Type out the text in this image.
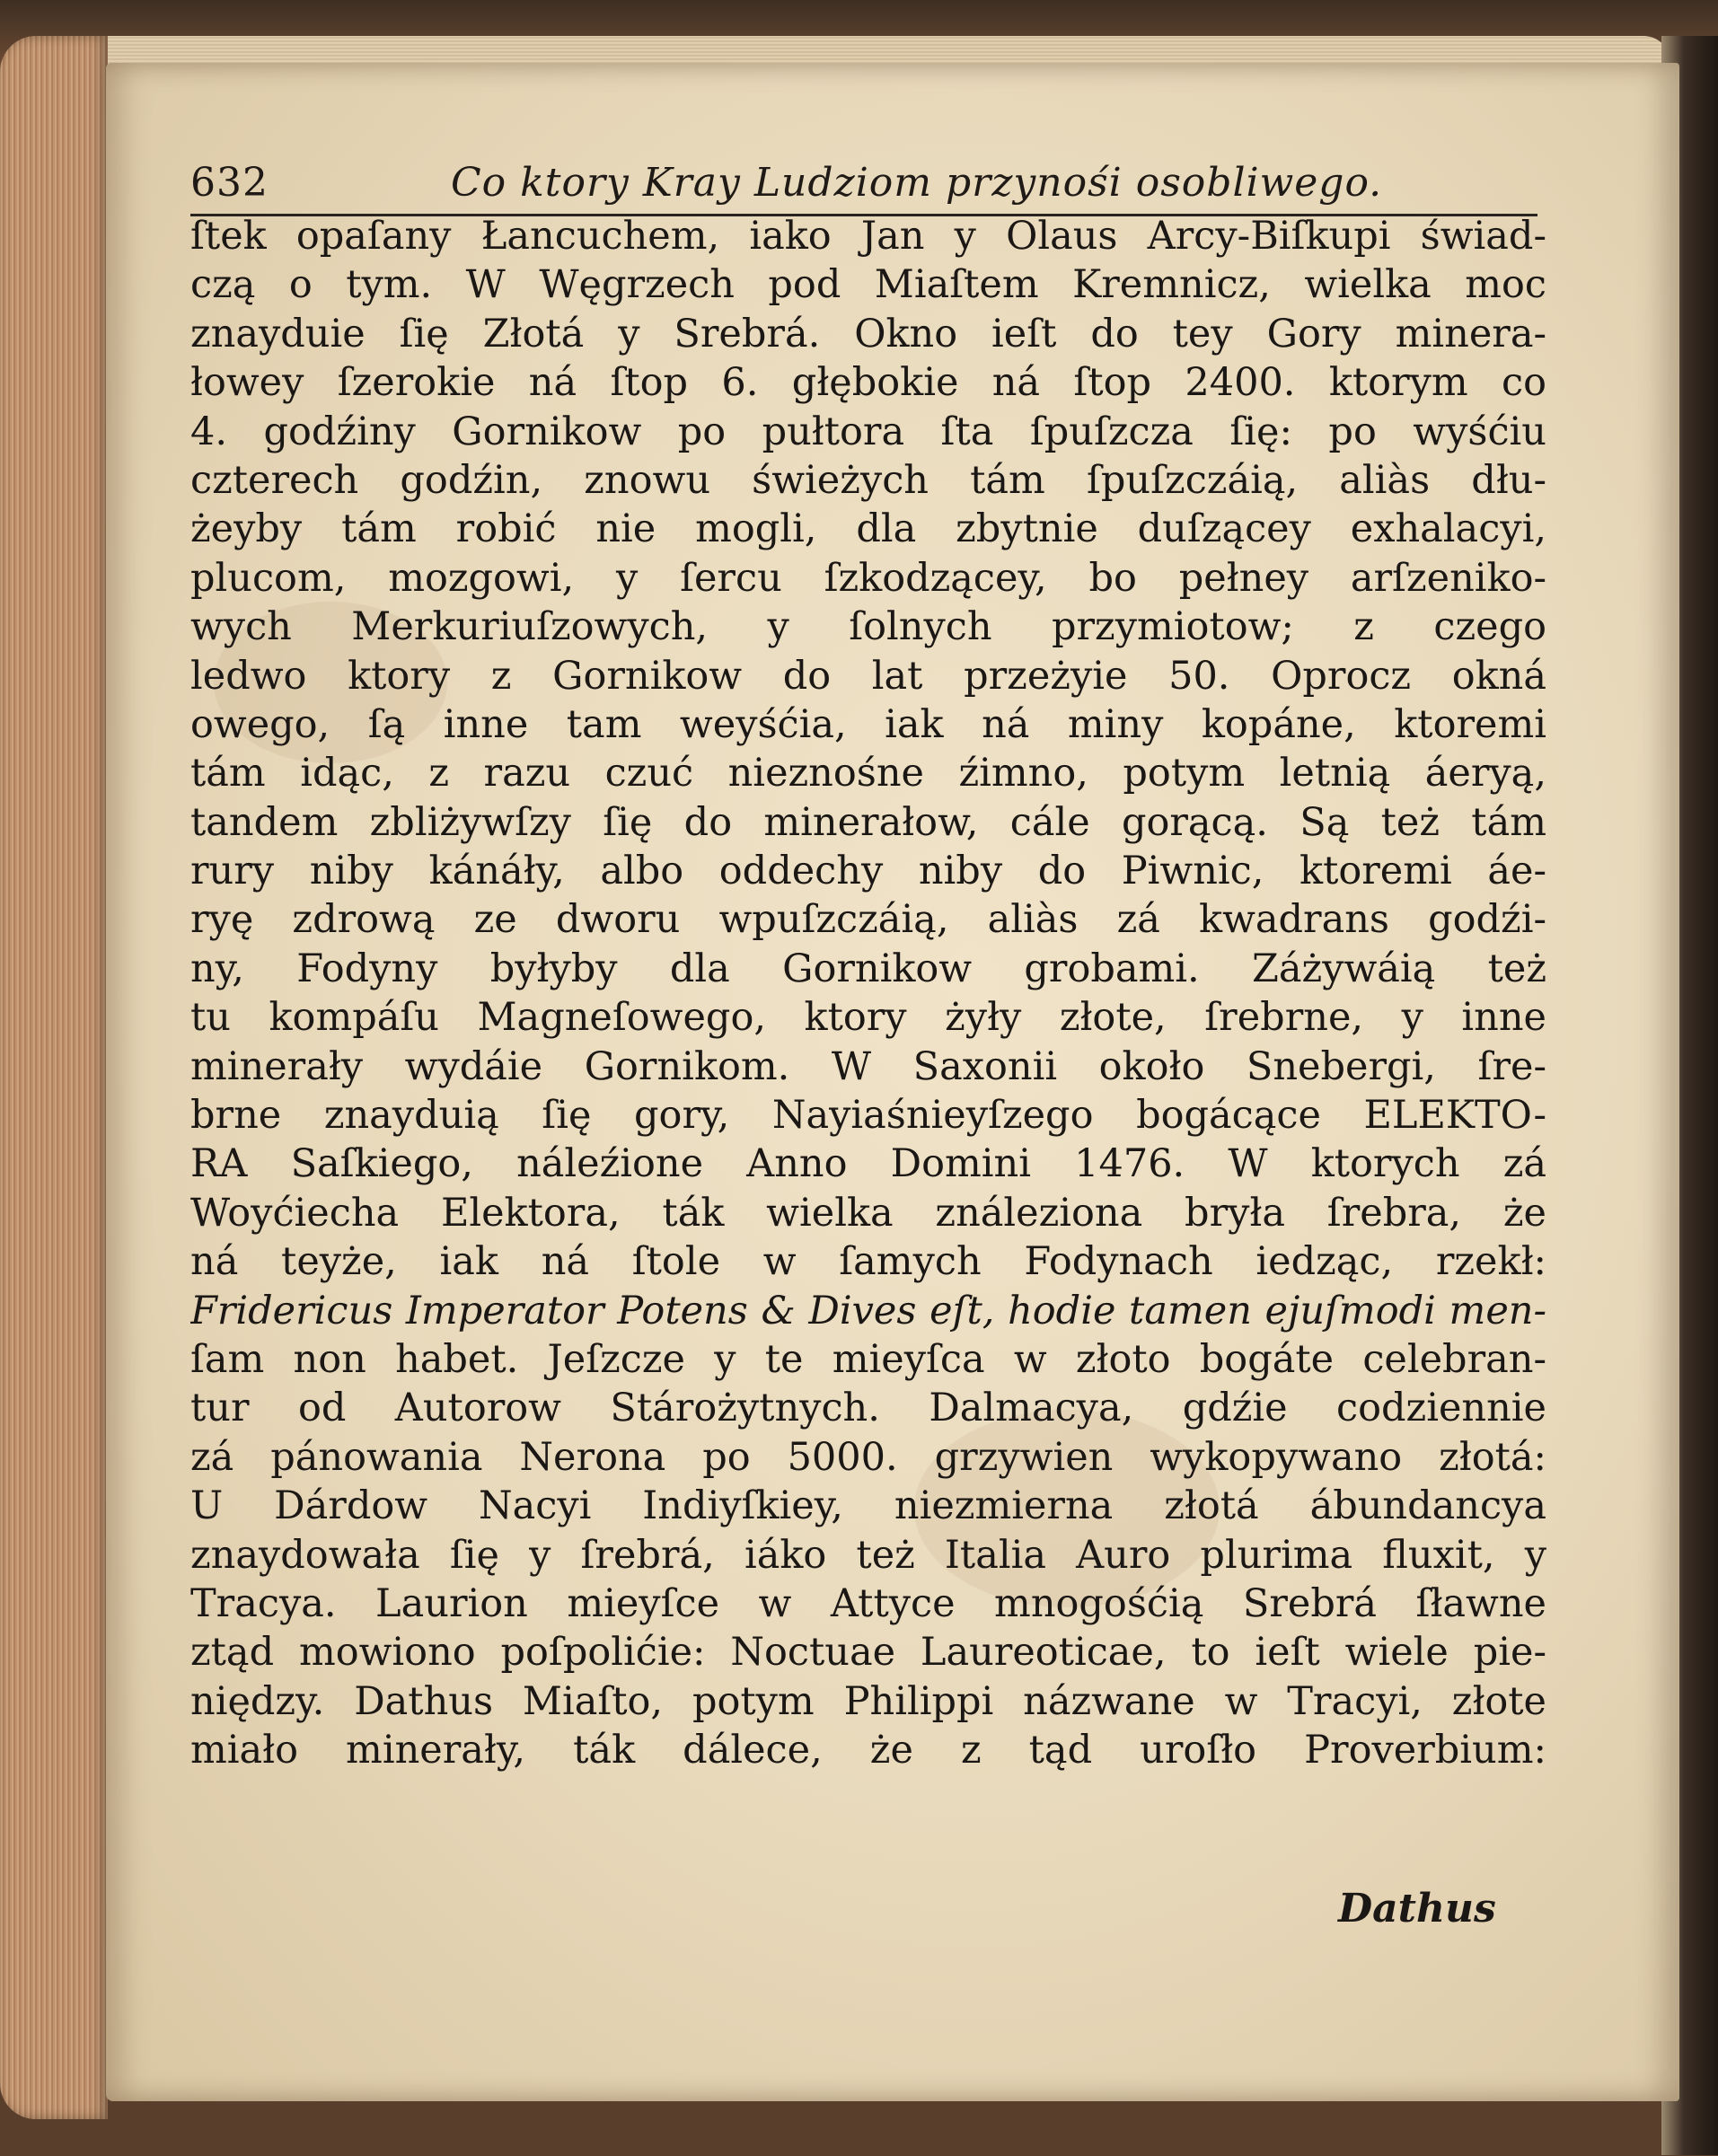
632	Co ktory Kray Ludziom przynośi osobliwego.
ſtek opaſany Łancuchem, iako Jan y Olaus Arcy-Biſkupi świad-
czą o tym. W Węgrzech pod Miaſtem Kremnicz, wielka moc
znayduie ſię Złotá y Srebrá. Okno ieſt do tey Gory minera-
łowey ſzerokie ná ſtop 6. głębokie ná ſtop 2400. ktorym co
4. godźiny Gornikow po pułtora ſta ſpuſzcza ſię: po wyśćiu
czterech godźin, znowu świeżych tám ſpuſzczáią, aliàs dłu-
żeyby tám robić nie mogli, dla zbytnie duſzącey exhalacyi,
plucom, mozgowi, y ſercu ſzkodzącey, bo pełney arſzeniko-
wych Merkuriuſzowych, y ſolnych przymiotow; z czego
ledwo ktory z Gornikow do lat przeżyie 50. Oprocz okná
owego, ſą inne tam weyśćia, iak ná miny kopáne, ktoremi
tám idąc, z razu czuć nieznośne źimno, potym letnią áeryą,
tandem zbliżywſzy ſię do minerałow, cále gorącą. Są też tám
rury niby kánáły, albo oddechy niby do Piwnic, ktoremi áe-
ryę zdrową ze dworu wpuſzczáią, aliàs zá kwadrans godźi-
ny, Fodyny byłyby dla Gornikow grobami. Záżywáią też
tu kompáſu Magneſowego, ktory żyły złote, ſrebrne, y inne
minerały wydáie Gornikom. W Saxonii około Snebergi, ſre-
brne znayduią ſię gory, Nayiaśnieyſzego bogácące ELEKTO-
RA Saſkiego, náleźione Anno Domini 1476. W ktorych zá
Woyćiecha Elektora, ták wielka ználeziona bryła ſrebra, że
ná teyże, iak ná ſtole w ſamych Fodynach iedząc, rzekł:
Fridericus Imperator Potens & Dives eſt, hodie tamen ejuſmodi men-
ſam non habet. Jeſzcze y te mieyſca w złoto bogáte celebran-
tur od Autorow Stárożytnych. Dalmacya, gdźie codziennie
zá pánowania Nerona po 5000. grzywien wykopywano złotá:
U Dárdow Nacyi Indiyſkiey, niezmierna złotá ábundancya
znaydowała ſię y ſrebrá, iáko też Italia Auro plurima fluxit, y
Tracya. Laurion mieyſce w Attyce mnogośćią Srebrá ſławne
ztąd mowiono poſpolićie: Noctuae Laureoticae, to ieſt wiele pie-
niędzy. Dathus Miaſto, potym Philippi názwane w Tracyi, złote
miało minerały, ták dálece, że z tąd uroſło Proverbium:
Dathus
